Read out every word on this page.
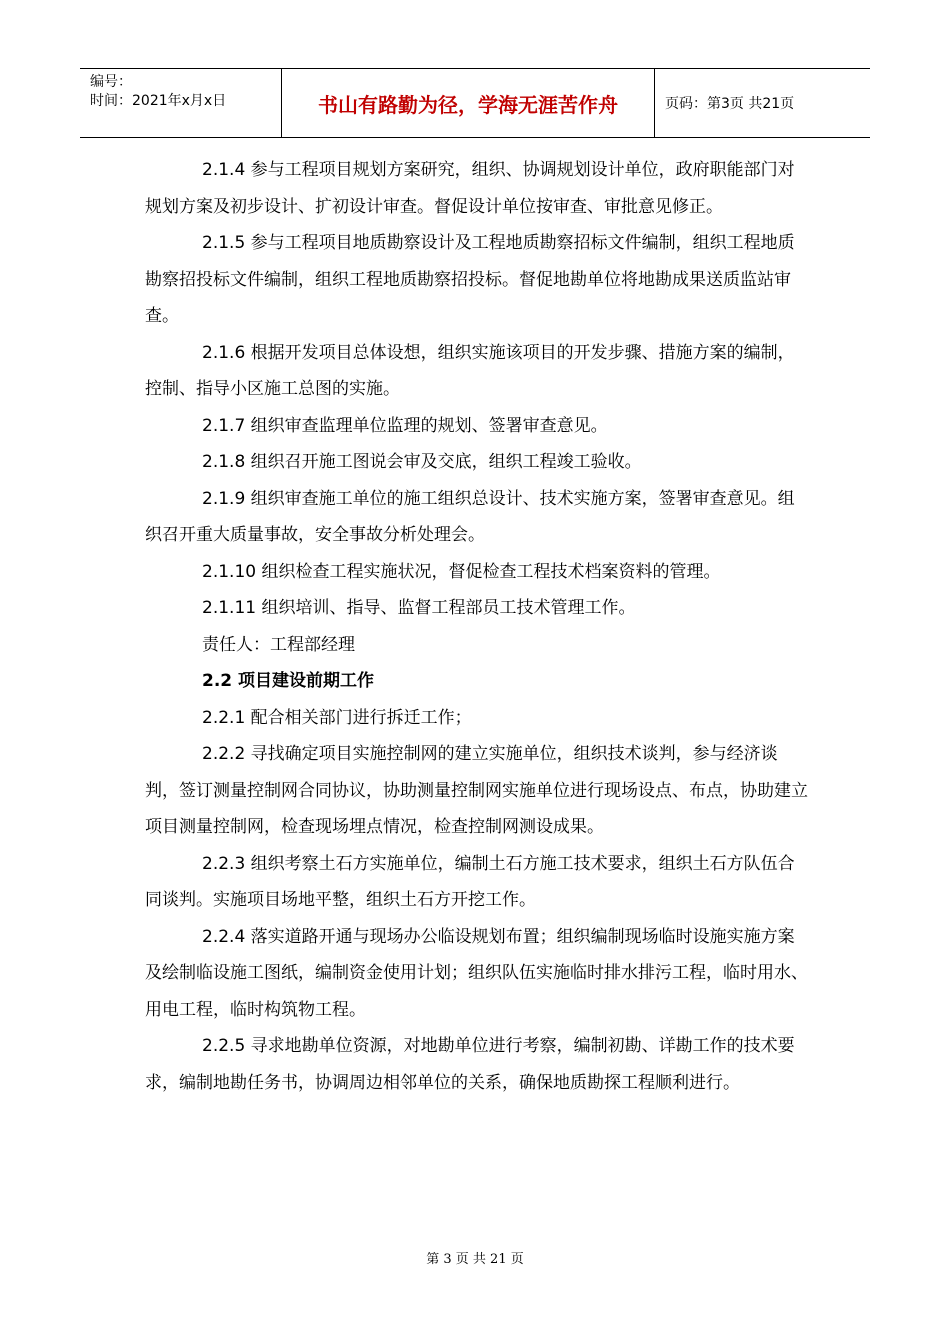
编号：
时间：2021年x月x日	书山有路勤为径，学海无涯苦作舟	页码：第3页 共21页

2.1.4 参与工程项目规划方案研究，组织、协调规划设计单位，政府职能部门对规划方案及初步设计、扩初设计审查。督促设计单位按审查、审批意见修正。

2.1.5 参与工程项目地质勘察设计及工程地质勘察招标文件编制，组织工程地质勘察招投标文件编制，组织工程地质勘察招投标。督促地勘单位将地勘成果送质监站审查。

2.1.6 根据开发项目总体设想，组织实施该项目的开发步骤、措施方案的编制，控制、指导小区施工总图的实施。

2.1.7 组织审查监理单位监理的规划、签署审查意见。

2.1.8 组织召开施工图说会审及交底，组织工程竣工验收。

2.1.9 组织审查施工单位的施工组织总设计、技术实施方案，签署审查意见。组织召开重大质量事故，安全事故分析处理会。

2.1.10 组织检查工程实施状况，督促检查工程技术档案资料的管理。

2.1.11 组织培训、指导、监督工程部员工技术管理工作。

责任人：工程部经理

2.2 项目建设前期工作

2.2.1 配合相关部门进行拆迁工作；

2.2.2 寻找确定项目实施控制网的建立实施单位，组织技术谈判，参与经济谈判，签订测量控制网合同协议，协助测量控制网实施单位进行现场设点、布点，协助建立项目测量控制网，检查现场埋点情况，检查控制网测设成果。

2.2.3 组织考察土石方实施单位，编制土石方施工技术要求，组织土石方队伍合同谈判。实施项目场地平整，组织土石方开挖工作。

2.2.4 落实道路开通与现场办公临设规划布置；组织编制现场临时设施实施方案及绘制临设施工图纸，编制资金使用计划；组织队伍实施临时排水排污工程，临时用水、用电工程，临时构筑物工程。

2.2.5 寻求地勘单位资源，对地勘单位进行考察，编制初勘、详勘工作的技术要求，编制地勘任务书，协调周边相邻单位的关系，确保地质勘探工程顺利进行。

第 3 页 共 21 页
